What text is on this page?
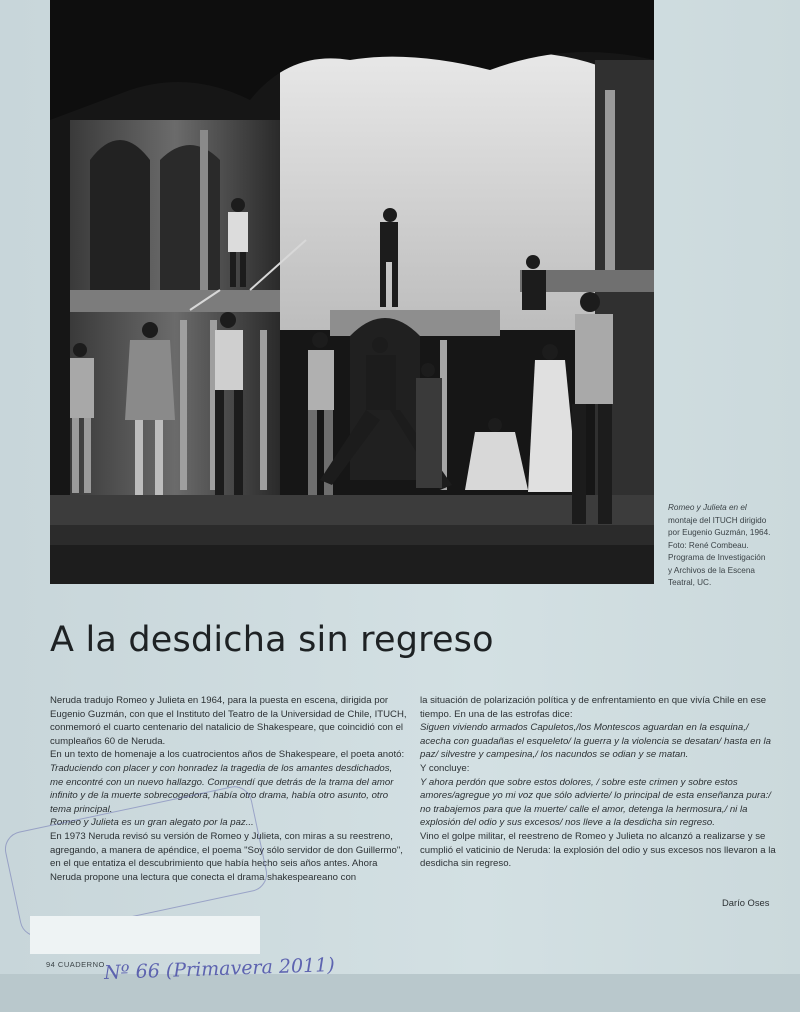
Romeo y Julieta en el
montaje del ITUCH dirigido
por Eugenio Guzmán, 1964.
Foto: René Combeau.
Programa de Investigación
y Archivos de la Escena
Teatral, UC.
A la desdicha sin regreso

Neruda tradujo Romeo y Julieta en 1964, para la puesta en escena, dirigida por Eugenio Guzmán, con que el Instituto del Teatro de la Universidad de Chile, ITUCH, conmemoró el cuarto centenario del natalicio de Shakespeare, que coincidió con el cumpleaños 60 de Neruda.

En un texto de homenaje a los cuatrocientos años de Shakespeare, el poeta anotó:

Traduciendo con placer y con honradez la tragedia de los amantes desdichados, me encontré con un nuevo hallazgo. Comprendí que detrás de la trama del amor infinito y de la muerte sobrecogedora, había otro drama, había otro asunto, otro tema principal.

Romeo y Julieta es un gran alegato por la paz...

En 1973 Neruda revisó su versión de Romeo y Julieta, con miras a su reestreno, agregando, a manera de apéndice, el poema "Soy sólo servidor de don Guillermo", en el que entatiza el descubrimiento que había hecho seis años antes. Ahora Neruda propone una lectura que conecta el drama shakespeareano con

la situación de polarización política y de enfrentamiento en que vivía Chile en ese tiempo. En una de las estrofas dice:

Siguen viviendo armados Capuletos,/los Montescos aguardan en la esquina,/ acecha con guadañas el esqueleto/ la guerra y la violencia se desatan/ hasta en la paz/ silvestre y campesina,/ los nacundos se odian y se matan.

Y concluye:

Y ahora perdón que sobre estos dolores, / sobre este crimen y sobre estos amores/agregue yo mi voz que sólo advierte/ lo principal de esta enseñanza pura:/ no trabajemos para que la muerte/ calle el amor, detenga la hermosura,/ ni la explosión del odio y sus excesos/ nos lleve a la desdicha sin regreso.

Vino el golpe militar, el reestreno de Romeo y Julieta no alcanzó a realizarse y se cumplió el vaticinio de Neruda: la explosión del odio y sus excesos nos llevaron a la desdicha sin regreso.

Darío Oses
94 CUADERNO
Nº 66 (Primavera 2011)
